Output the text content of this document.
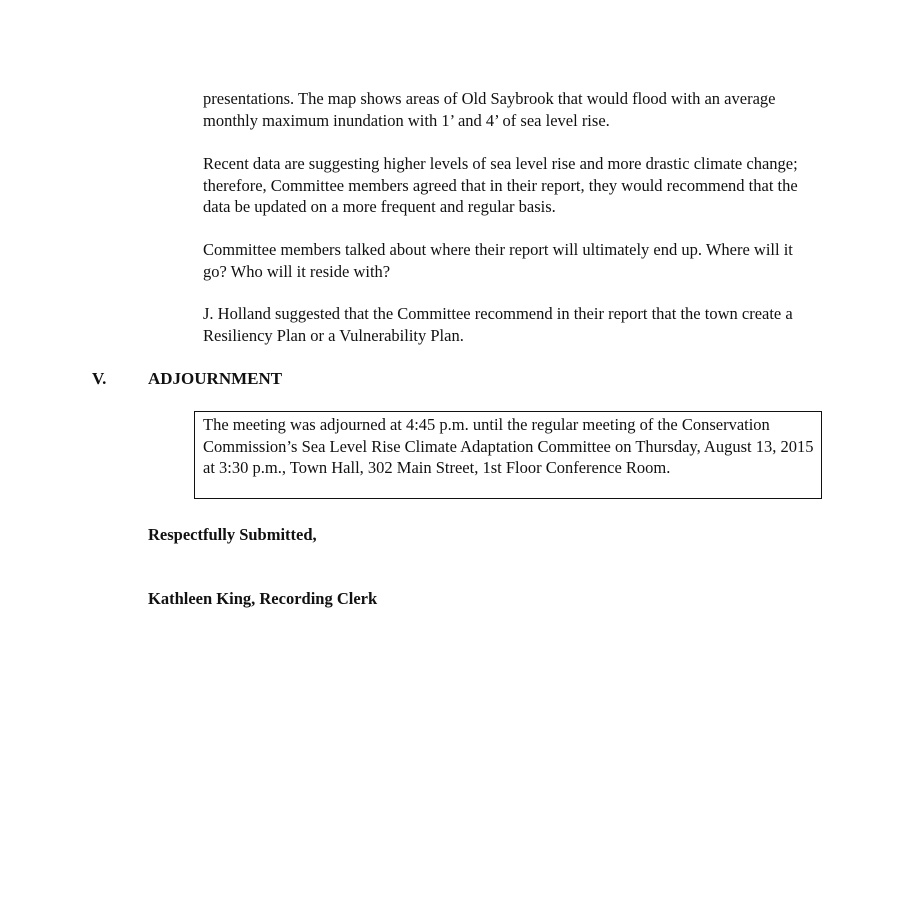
presentations. The map shows areas of Old Saybrook that would flood with an average monthly maximum inundation with 1’ and 4’ of sea level rise.

Recent data are suggesting higher levels of sea level rise and more drastic climate change; therefore, Committee members agreed that in their report, they would recommend that the data be updated on a more frequent and regular basis.

Committee members talked about where their report will ultimately end up. Where will it go? Who will it reside with?

J. Holland suggested that the Committee recommend in their report that the town create a Resiliency Plan or a Vulnerability Plan.

V. ADJOURNMENT
The meeting was adjourned at 4:45 p.m. until the regular meeting of the Conservation Commission’s Sea Level Rise Climate Adaptation Committee on Thursday, August 13, 2015 at 3:30 p.m., Town Hall, 302 Main Street, 1st Floor Conference Room.
Respectfully Submitted,
Kathleen King, Recording Clerk
